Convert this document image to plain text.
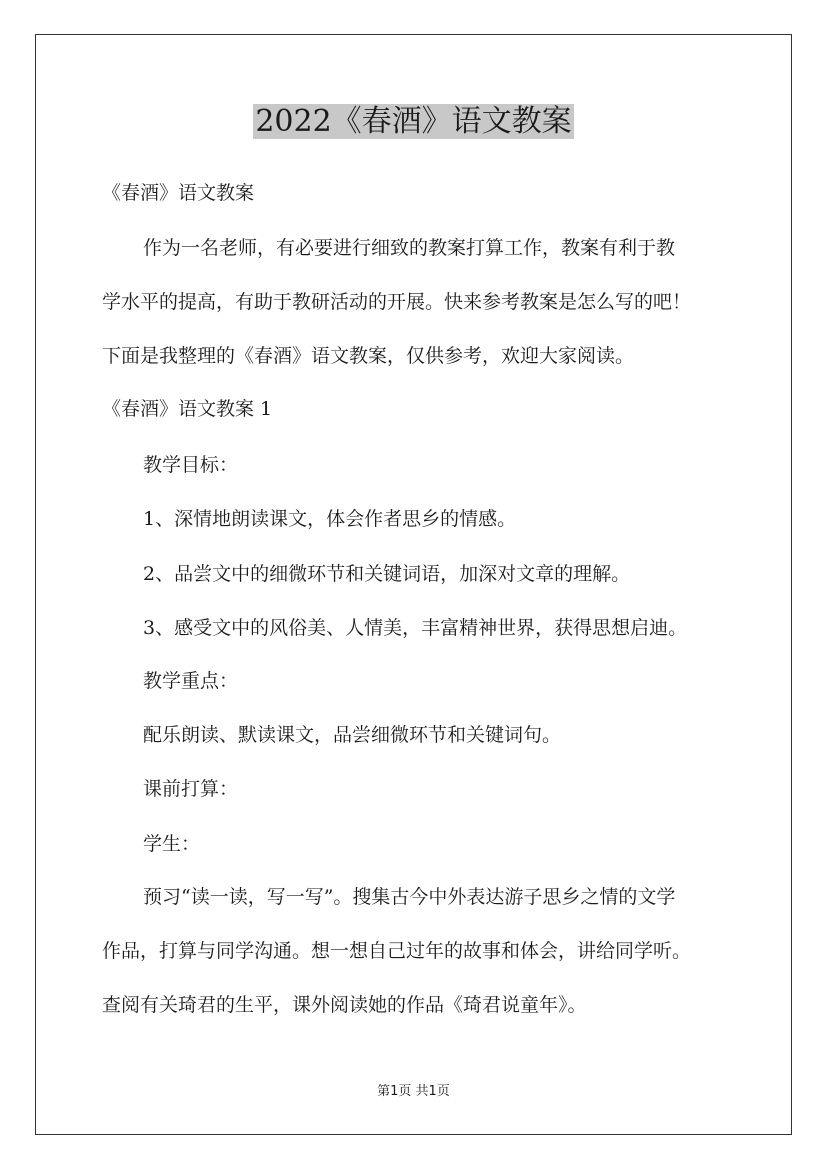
2022《春酒》语文教案
《春酒》语文教案
作为一名老师，有必要进行细致的教案打算工作，教案有利于教
学水平的提高，有助于教研活动的开展。快来参考教案是怎么写的吧！
下面是我整理的《春酒》语文教案，仅供参考，欢迎大家阅读。
《春酒》语文教案 1
教学目标：
1、深情地朗读课文，体会作者思乡的情感。
2、品尝文中的细微环节和关键词语，加深对文章的理解。
3、感受文中的风俗美、人情美，丰富精神世界，获得思想启迪。
教学重点：
配乐朗读、默读课文，品尝细微环节和关键词句。
课前打算：
学生：
预习“读一读，写一写”。搜集古今中外表达游子思乡之情的文学
作品，打算与同学沟通。想一想自己过年的故事和体会，讲给同学听。
查阅有关琦君的生平，课外阅读她的作品《琦君说童年》。
第1页 共1页
